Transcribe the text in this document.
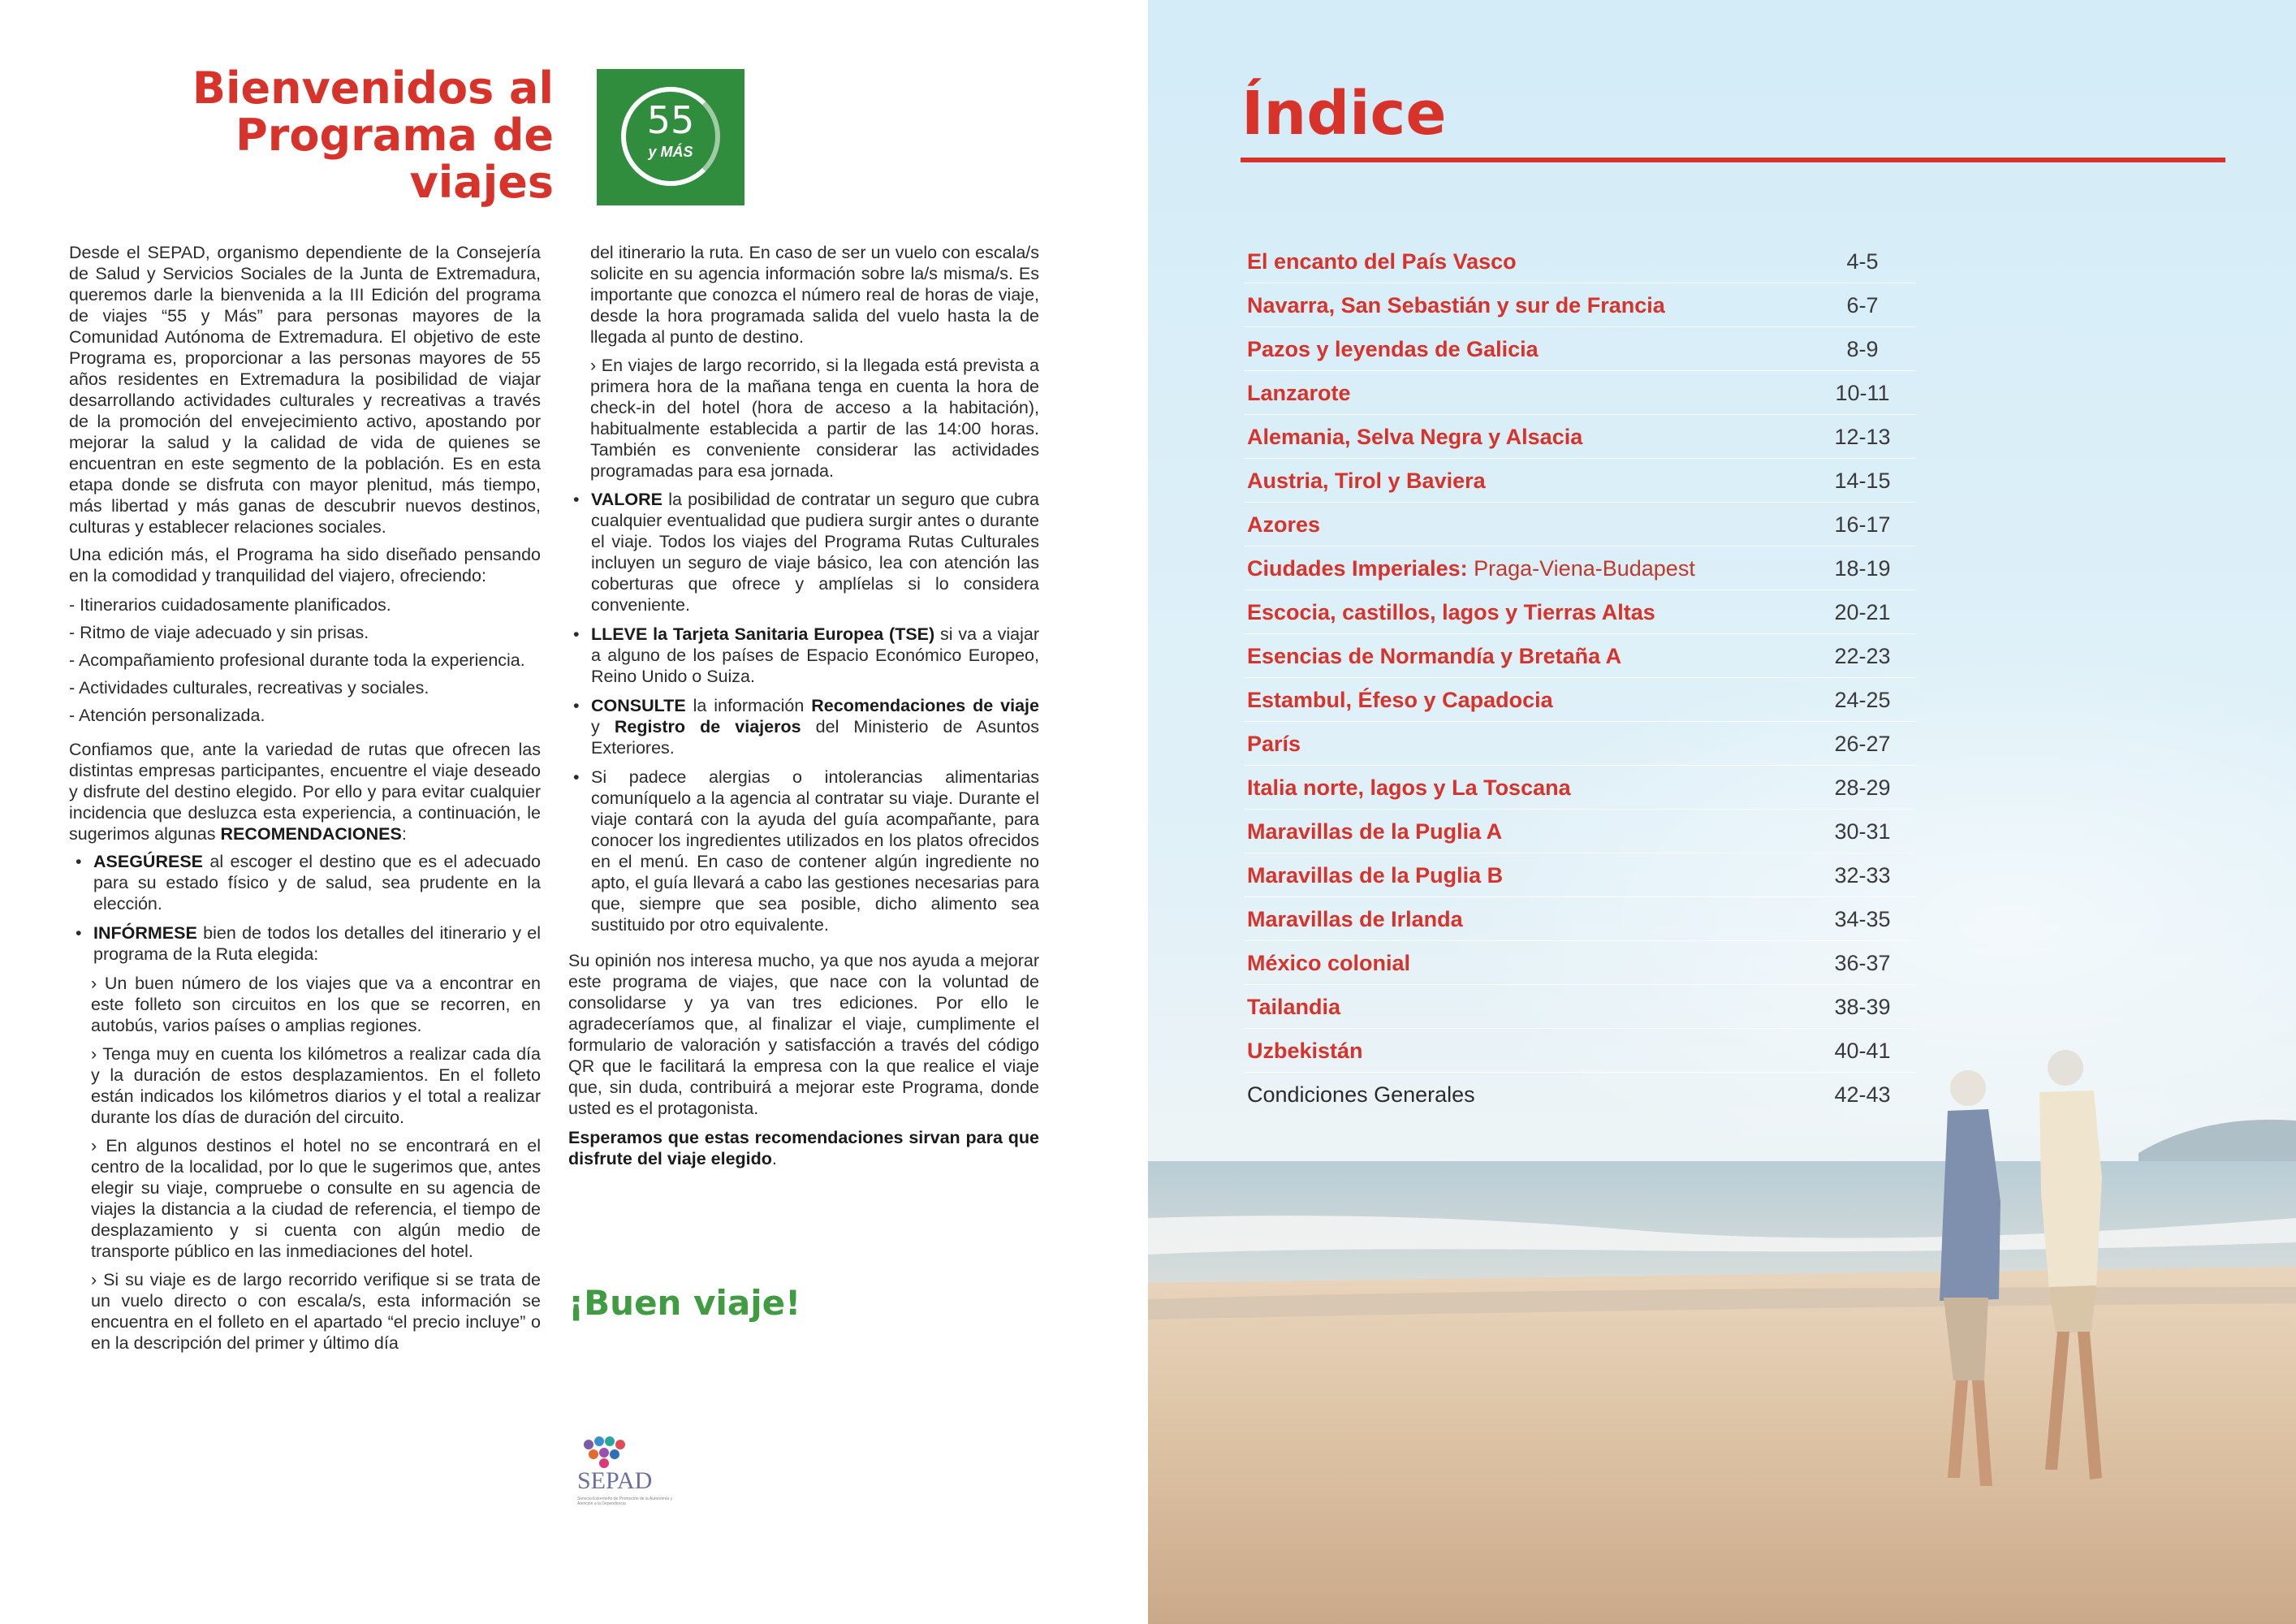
Bienvenidos al
Programa de
viajes
55
y MÁS

Desde el SEPAD, organismo dependiente de la Consejería de Salud y Servicios Sociales de la Junta de Extremadura, queremos darle la bienvenida a la III Edición del programa de viajes “55 y Más” para personas mayores de la Comunidad Autónoma de Extremadura. El objetivo de este Programa es, proporcionar a las personas mayores de 55 años residentes en Extremadura la posibilidad de viajar desarrollando actividades culturales y recreativas a través de la promoción del envejecimiento activo, apostando por mejorar la salud y la calidad de vida de quienes se encuentran en este segmento de la población. Es en esta etapa donde se disfruta con mayor plenitud, más tiempo, más libertad y más ganas de descubrir nuevos destinos, culturas y establecer relaciones sociales.

Una edición más, el Programa ha sido diseñado pensando en la comodidad y tranquilidad del viajero, ofreciendo:

- Itinerarios cuidadosamente planificados.
- Ritmo de viaje adecuado y sin prisas.
- Acompañamiento profesional durante toda la experiencia.
- Actividades culturales, recreativas y sociales.
- Atención personalizada.

Confiamos que, ante la variedad de rutas que ofrecen las distintas empresas participantes, encuentre el viaje deseado y disfrute del destino elegido. Por ello y para evitar cualquier incidencia que desluzca esta experiencia, a continuación, le sugerimos algunas RECOMENDACIONES:

• ASEGÚRESE al escoger el destino que es el adecuado para su estado físico y de salud, sea prudente en la elección.
• INFÓRMESE bien de todos los detalles del itinerario y el programa de la Ruta elegida:
› Un buen número de los viajes que va a encontrar en este folleto son circuitos en los que se recorren, en autobús, varios países o amplias regiones.
› Tenga muy en cuenta los kilómetros a realizar cada día y la duración de estos desplazamientos. En el folleto están indicados los kilómetros diarios y el total a realizar durante los días de duración del circuito.
› En algunos destinos el hotel no se encontrará en el centro de la localidad, por lo que le sugerimos que, antes elegir su viaje, compruebe o consulte en su agencia de viajes la distancia a la ciudad de referencia, el tiempo de desplazamiento y si cuenta con algún medio de transporte público en las inmediaciones del hotel.
› Si su viaje es de largo recorrido verifique si se trata de un vuelo directo o con escala/s, esta información se encuentra en el folleto en el apartado “el precio incluye” o en la descripción del primer y último día
del itinerario la ruta. En caso de ser un vuelo con escala/s solicite en su agencia información sobre la/s misma/s. Es importante que conozca el número real de horas de viaje, desde la hora programada salida del vuelo hasta la de llegada al punto de destino.
› En viajes de largo recorrido, si la llegada está prevista a primera hora de la mañana tenga en cuenta la hora de check-in del hotel (hora de acceso a la habitación), habitualmente establecida a partir de las 14:00 horas. También es conveniente considerar las actividades programadas para esa jornada.
• VALORE la posibilidad de contratar un seguro que cubra cualquier eventualidad que pudiera surgir antes o durante el viaje. Todos los viajes del Programa Rutas Culturales incluyen un seguro de viaje básico, lea con atención las coberturas que ofrece y amplíelas si lo considera conveniente.
• LLEVE la Tarjeta Sanitaria Europea (TSE) si va a viajar a alguno de los países de Espacio Económico Europeo, Reino Unido o Suiza.
• CONSULTE la información Recomendaciones de viaje y Registro de viajeros del Ministerio de Asuntos Exteriores.
• Si padece alergias o intolerancias alimentarias comuníquelo a la agencia al contratar su viaje. Durante el viaje contará con la ayuda del guía acompañante, para conocer los ingredientes utilizados en los platos ofrecidos en el menú. En caso de contener algún ingrediente no apto, el guía llevará a cabo las gestiones necesarias para que, siempre que sea posible, dicho alimento sea sustituido por otro equivalente.

Su opinión nos interesa mucho, ya que nos ayuda a mejorar este programa de viajes, que nace con la voluntad de consolidarse y ya van tres ediciones. Por ello le agradeceríamos que, al finalizar el viaje, cumplimente el formulario de valoración y satisfacción a través del código QR que le facilitará la empresa con la que realice el viaje que, sin duda, contribuirá a mejorar este Programa, donde usted es el protagonista.

Esperamos que estas recomendaciones sirvan para que disfrute del viaje elegido.

¡Buen viaje!
SEPAD
Servicio Extremeño de Promoción de la Autonomía y Atención a la Dependencia
Índice
El encanto del País Vasco	4-5
Navarra, San Sebastián y sur de Francia	6-7
Pazos y leyendas de Galicia	8-9
Lanzarote	10-11
Alemania, Selva Negra y Alsacia	12-13
Austria, Tirol y Baviera	14-15
Azores	16-17
Ciudades Imperiales: Praga-Viena-Budapest	18-19
Escocia, castillos, lagos y Tierras Altas	20-21
Esencias de Normandía y Bretaña A	22-23
Estambul, Éfeso y Capadocia	24-25
París	26-27
Italia norte, lagos y La Toscana	28-29
Maravillas de la Puglia A	30-31
Maravillas de la Puglia B	32-33
Maravillas de Irlanda	34-35
México colonial	36-37
Tailandia	38-39
Uzbekistán	40-41
Condiciones Generales	42-43
